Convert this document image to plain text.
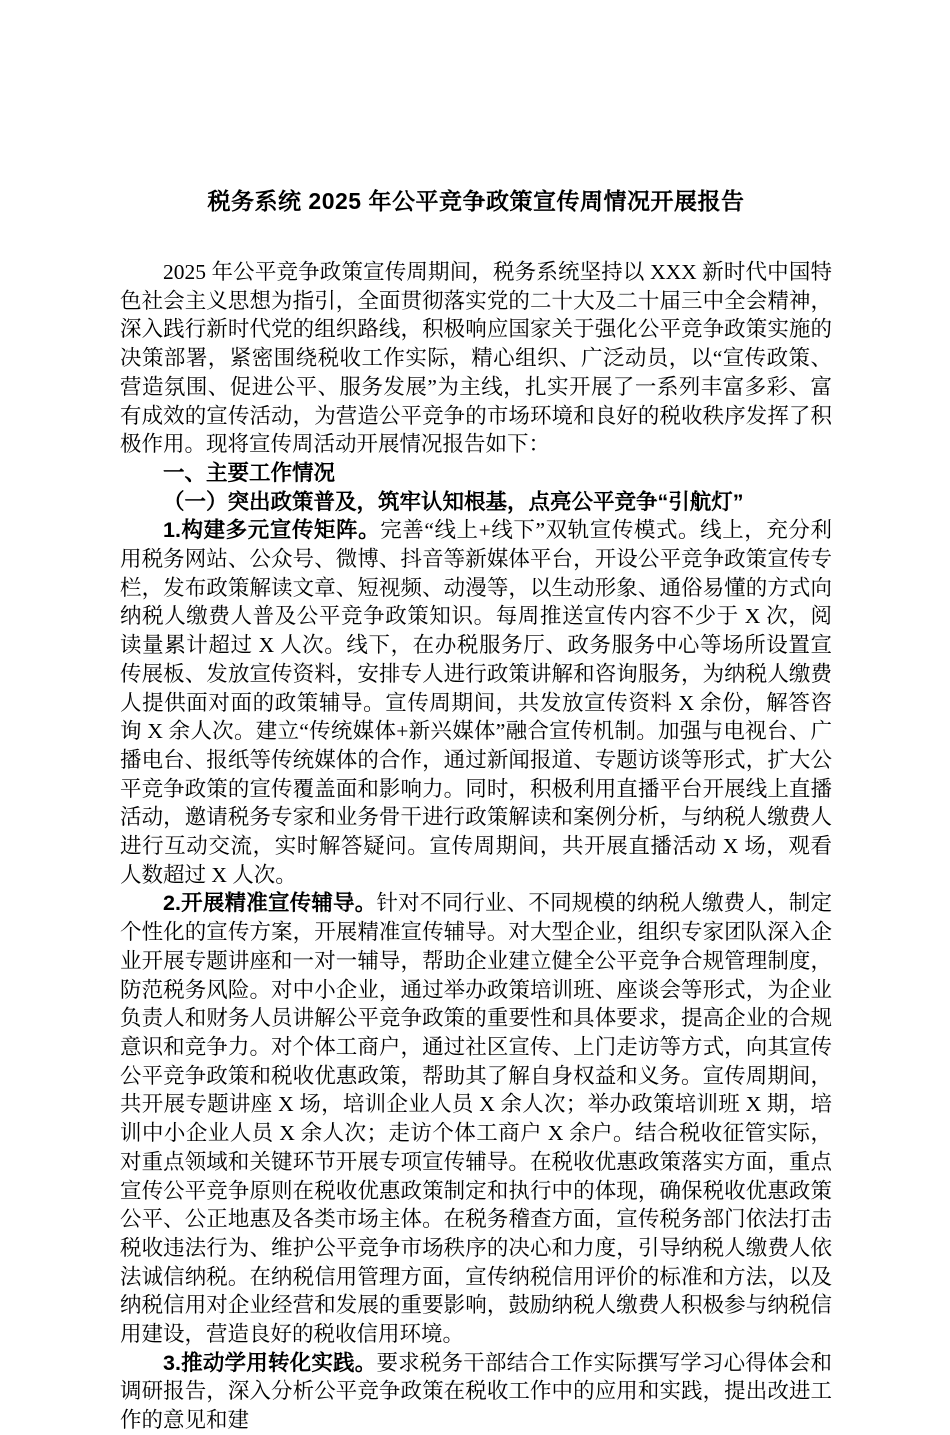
税务系统 2025 年公平竞争政策宣传周情况开展报告

2025 年公平竞争政策宣传周期间，税务系统坚持以 XXX 新时代中国特色社会主义思想为指引，全面贯彻落实党的二十大及二十届三中全会精神，深入践行新时代党的组织路线，积极响应国家关于强化公平竞争政策实施的决策部署，紧密围绕税收工作实际，精心组织、广泛动员，以“宣传政策、营造氛围、促进公平、服务发展”为主线，扎实开展了一系列丰富多彩、富有成效的宣传活动，为营造公平竞争的市场环境和良好的税收秩序发挥了积极作用。现将宣传周活动开展情况报告如下：

一、主要工作情况

（一）突出政策普及，筑牢认知根基，点亮公平竞争“引航灯”

1.构建多元宣传矩阵。完善“线上+线下”双轨宣传模式。线上，充分利用税务网站、公众号、微博、抖音等新媒体平台，开设公平竞争政策宣传专栏，发布政策解读文章、短视频、动漫等，以生动形象、通俗易懂的方式向纳税人缴费人普及公平竞争政策知识。每周推送宣传内容不少于 X 次，阅读量累计超过 X 人次。线下，在办税服务厅、政务服务中心等场所设置宣传展板、发放宣传资料，安排专人进行政策讲解和咨询服务，为纳税人缴费人提供面对面的政策辅导。宣传周期间，共发放宣传资料 X 余份，解答咨询 X 余人次。建立“传统媒体+新兴媒体”融合宣传机制。加强与电视台、广播电台、报纸等传统媒体的合作，通过新闻报道、专题访谈等形式，扩大公平竞争政策的宣传覆盖面和影响力。同时，积极利用直播平台开展线上直播活动，邀请税务专家和业务骨干进行政策解读和案例分析，与纳税人缴费人进行互动交流，实时解答疑问。宣传周期间，共开展直播活动 X 场，观看人数超过 X 人次。

2.开展精准宣传辅导。针对不同行业、不同规模的纳税人缴费人，制定个性化的宣传方案，开展精准宣传辅导。对大型企业，组织专家团队深入企业开展专题讲座和一对一辅导，帮助企业建立健全公平竞争合规管理制度，防范税务风险。对中小企业，通过举办政策培训班、座谈会等形式，为企业负责人和财务人员讲解公平竞争政策的重要性和具体要求，提高企业的合规意识和竞争力。对个体工商户，通过社区宣传、上门走访等方式，向其宣传公平竞争政策和税收优惠政策，帮助其了解自身权益和义务。宣传周期间，共开展专题讲座 X 场，培训企业人员 X 余人次；举办政策培训班 X 期，培训中小企业人员 X 余人次；走访个体工商户 X 余户。结合税收征管实际，对重点领域和关键环节开展专项宣传辅导。在税收优惠政策落实方面，重点宣传公平竞争原则在税收优惠政策制定和执行中的体现，确保税收优惠政策公平、公正地惠及各类市场主体。在税务稽查方面，宣传税务部门依法打击税收违法行为、维护公平竞争市场秩序的决心和力度，引导纳税人缴费人依法诚信纳税。在纳税信用管理方面，宣传纳税信用评价的标准和方法，以及纳税信用对企业经营和发展的重要影响，鼓励纳税人缴费人积极参与纳税信用建设，营造良好的税收信用环境。

3.推动学用转化实践。要求税务干部结合工作实际撰写学习心得体会和调研报告，深入分析公平竞争政策在税收工作中的应用和实践，提出改进工作的意见和建
